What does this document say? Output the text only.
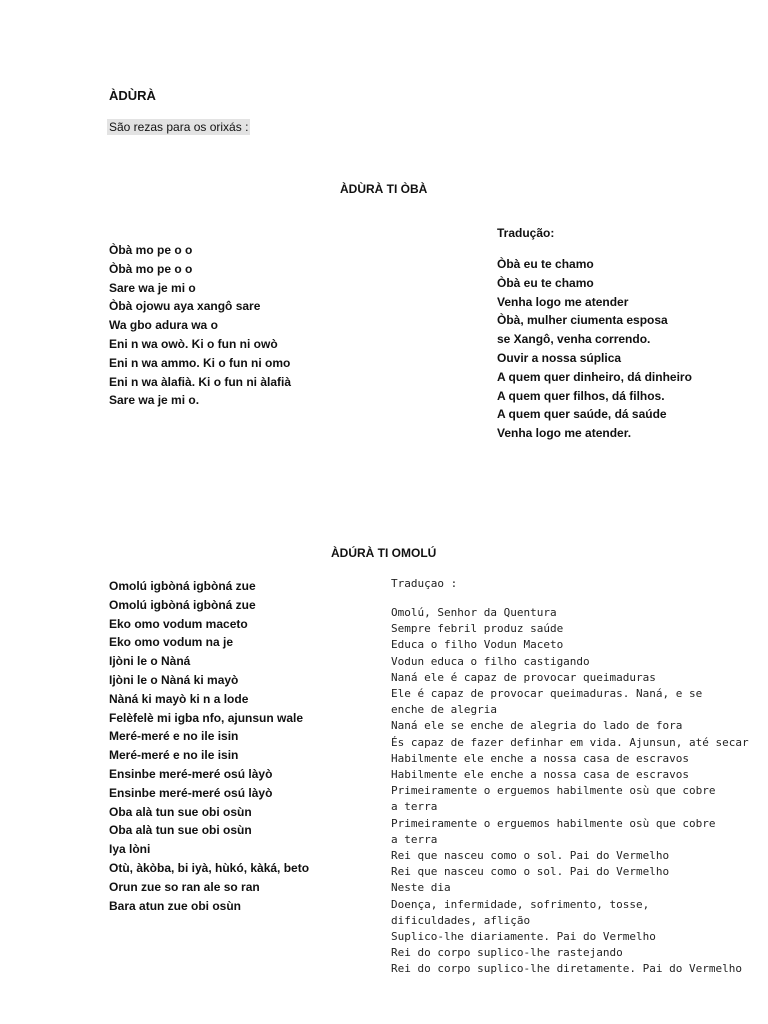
ÀDÙRÀ
São rezas para os orixás :
ÀDÙRÀ TI ÒBÀ
Òbà mo pe o o
Òbà mo pe o o
Sare wa je mi o
Òbà ojowu aya xangô sare
Wa gbo adura wa o
Eni n wa owò. Ki o fun ni owò
Eni n wa ammo. Ki o fun ni omo
Eni n wa àlafià. Ki o fun ni àlafià
Sare wa je mi o.
Tradução:
Òbà eu te chamo
Òbà eu te chamo
Venha logo me atender
Òbà, mulher ciumenta esposa
se Xangô, venha correndo.
Ouvir a nossa súplica
A quem quer dinheiro, dá dinheiro
A quem quer filhos, dá filhos.
A quem quer saúde, dá saúde
Venha logo me atender.
ÀDÚRÀ TI OMOLÚ
Omolú igbòná igbòná zue
Omolú igbòná igbòná zue
Eko omo vodum maceto
Eko omo vodum na je
Ijòni le o Nàná
Ijòni le o Nàná ki mayò
Nàná ki mayò ki n a lode
Felèfelè mi igba nfo, ajunsun wale
Meré-meré e no ile isin
Meré-meré e no ile isin
Ensinbe meré-meré osú làyò
Ensinbe meré-meré osú làyò
Oba alà tun sue obi osùn
Oba alà tun sue obi osùn
Iya lòni
Otù, àkòba, bi iyà, hùkó, kàká, beto
Orun zue so ran ale so ran
Bara atun zue obi osùn
Traduçao :
Omolú, Senhor da Quentura
Sempre febril produz saúde
Educa o filho Vodun Maceto
Vodun educa o filho castigando
Naná ele é capaz de provocar queimaduras
Ele é capaz de provocar queimaduras. Naná, e se enche de alegria
Naná ele se enche de alegria do lado de fora
És capaz de fazer definhar em vida. Ajunsun, até secar
Habilmente ele enche a nossa casa de escravos
Habilmente ele enche a nossa casa de escravos
Primeiramente o erguemos habilmente osù que cobre a terra
Primeiramente o erguemos habilmente osù que cobre a terra
Rei que nasceu como o sol. Pai do Vermelho
Rei que nasceu como o sol. Pai do Vermelho
Neste dia
Doença, infermidade, sofrimento, tosse, dificuldades, aflição
Suplico-lhe diariamente. Pai do Vermelho
Rei do corpo suplico-lhe rastejando
Rei do corpo suplico-lhe diretamente. Pai do Vermelho
